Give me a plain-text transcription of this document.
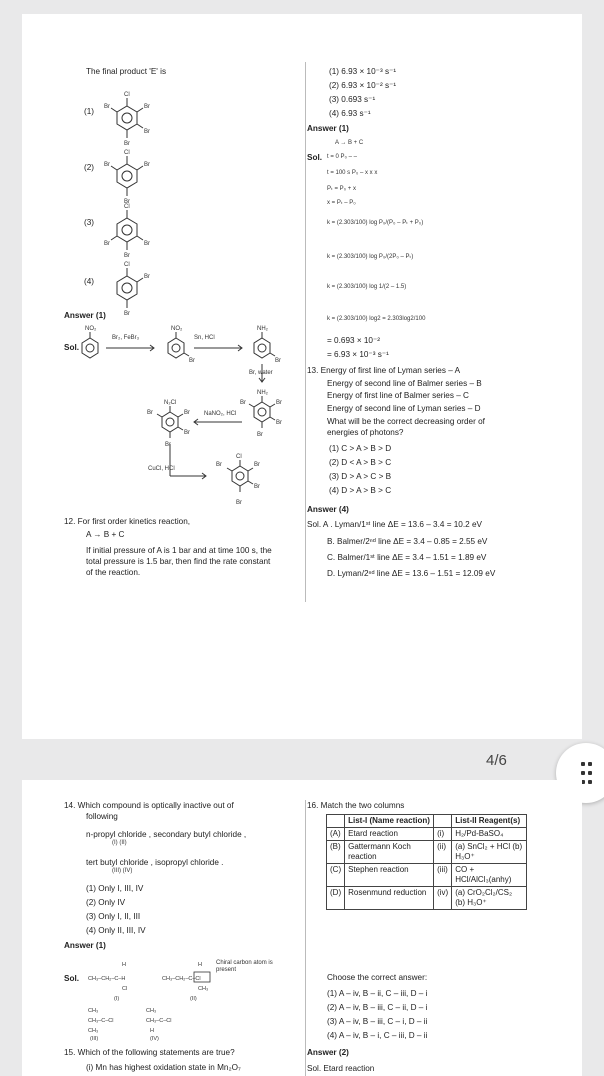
The final product 'E' is
(1)
(2)
(3)
(4)
Cl
Br	Br
Br
Br
Cl
Br	Br
Br
Cl
Br	Br
Br
Cl
Br
Br
Answer (1)
Sol.
Br₂, FeBr₃	Sn, HCl
Br, water
NaNO₂, HCl
CuCl, HCl
NO₂	NO₂
Br
NH₂
Br
NH₂
Br	Br
Br
Br
N₂Cl
Br	Br
Br
Br
Cl
Br	Br
Br
Br
12. For first order kinetics reaction,
A → B + C
If initial pressure of A is 1 bar and at time 100 s, the
total pressure is 1.5 bar, then find the rate constant
of the reaction.
(1) 6.93 × 10⁻³ s⁻¹
(2) 6.93 × 10⁻² s⁻¹
(3) 0.693 s⁻¹
(4) 6.93 s⁻¹
Answer (1)
Sol.
A → B + C
t = 0 P₀ – –
t = 100 s P₀ – x x x
Pₜ = P₀ + x
x = Pₜ – P₀
k = (2.303/100) log P₀/(P₀ – Pₜ + P₀)
k = (2.303/100) log P₀/(2P₀ – Pₜ)
k = (2.303/100) log 1/(2 – 1.5)
k = (2.303/100) log2 = 2.303log2/100
= 0.693 × 10⁻²
= 6.93 × 10⁻³ s⁻¹
13. Energy of first line of Lyman series – A
Energy of second line of Balmer series – B
Energy of first line of Balmer series – C
Energy of second line of Lyman series – D
What will be the correct decreasing order of
energies of photons?
(1) C > A > B > D
(2) D < A > B > C
(3) D > A > C > B
(4) D > A > B > C
Answer (4)
Sol. A . Lyman/1ˢᵗ line ΔE = 13.6 – 3.4 = 10.2 eV
B. Balmer/2ⁿᵈ line ΔE = 3.4 – 0.85 = 2.55 eV
C. Balmer/1ˢᵗ line ΔE = 3.4 – 1.51 = 1.89 eV
D. Lyman/2ⁿᵈ line ΔE = 13.6 – 1.51 = 12.09 eV
4/6
14. Which compound is optically inactive out of
following
n-propyl chloride , secondary butyl chloride ,
(I) (II)
tert butyl chloride , isopropyl chloride .
(III) (IV)
(1) Only I, III, IV
(2) Only IV
(3) Only I, II, III
(4) Only II, III, IV
Answer (1)
Sol. CH₃–CH₂–C–H
H
Cl
(I)
CH₃–CH₂–C–Cl
H
CH₃
(II)
CH₃
CH₃–C–Cl
CH₃
(III)
CH₃
CH₃–C–Cl
H
(IV)
Chiral carbon atom is present
15. Which of the following statements are true?
(i) Mn has highest oxidation state in Mn₂O₇
16. Match the two columns
	List-I (Name reaction)		List-II Reagent(s)
(A)	Etard reaction	(i)	H₂/Pd-BaSO₄
(B)	Gattermann Koch reaction	(ii)	(a) SnCl₂ + HCl (b) H₃O⁺
(C)	Stephen reaction	(iii)	CO + HCl/AlCl₃(anhy)
(D)	Rosenmund reduction	(iv)	(a) CrO₂Cl₂/CS₂ (b) H₃O⁺
Choose the correct answer:
(1) A – iv, B – ii, C – iii, D – i
(2) A – iv, B – iii, C – ii, D – i
(3) A – iv, B – iii, C – i, D – ii
(4) A – iv, B – i, C – iii, D – ii
Answer (2)
Sol. Etard reaction
